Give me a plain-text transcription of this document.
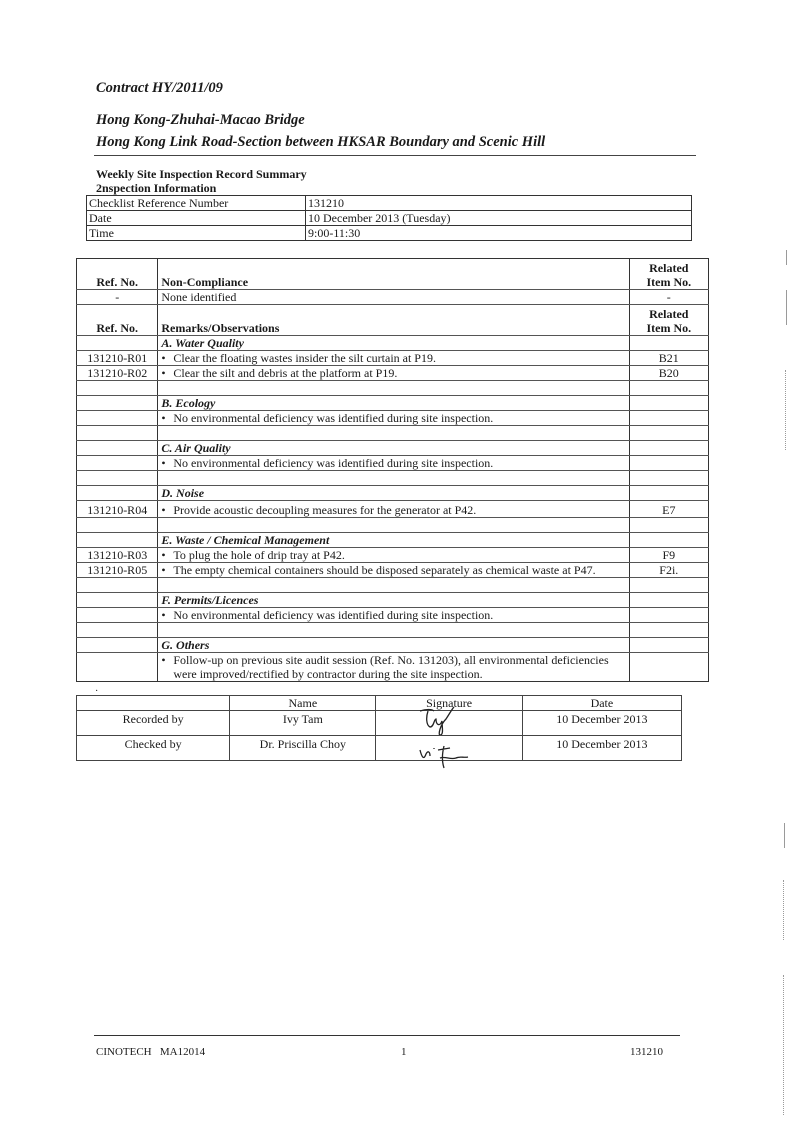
Contract HY/2011/09
Hong Kong-Zhuhai-Macao Bridge
Hong Kong Link Road-Section between HKSAR Boundary and Scenic Hill
Weekly Site Inspection Record Summary
2nspection Information
Checklist Reference Number	131210
Date	10 December 2013 (Tuesday)
Time	9:00-11:30
Ref. No.	Non-Compliance	Related
Item No.
-	None identified	-
Ref. No.	Remarks/Observations	Related
Item No.
	A. Water Quality	
131210-R01	• Clear the floating wastes insider the silt curtain at P19.	B21
131210-R02	• Clear the silt and debris at the platform at P19.	B20

	B. Ecology	
	• No environmental deficiency was identified during site inspection.	

	C. Air Quality	
	• No environmental deficiency was identified during site inspection.	

	D. Noise	
131210-R04	• Provide acoustic decoupling measures for the generator at P42.	E7

	E. Waste / Chemical Management	
131210-R03	• To plug the hole of drip tray at P42.	F9
131210-R05	• The empty chemical containers should be disposed separately as chemical waste at P47.	F2i.

	F. Permits/Licences	
	• No environmental deficiency was identified during site inspection.	

	G. Others	
	• Follow-up on previous site audit session (Ref. No. 131203), all environmental deficiencies were improved/rectified by contractor during the site inspection.	
·
	Name	Signature	Date
Recorded by	Ivy Tam		10 December 2013
Checked by	Dr. Priscilla Choy		10 December 2013
CINOTECH   MA12014	1	131210
